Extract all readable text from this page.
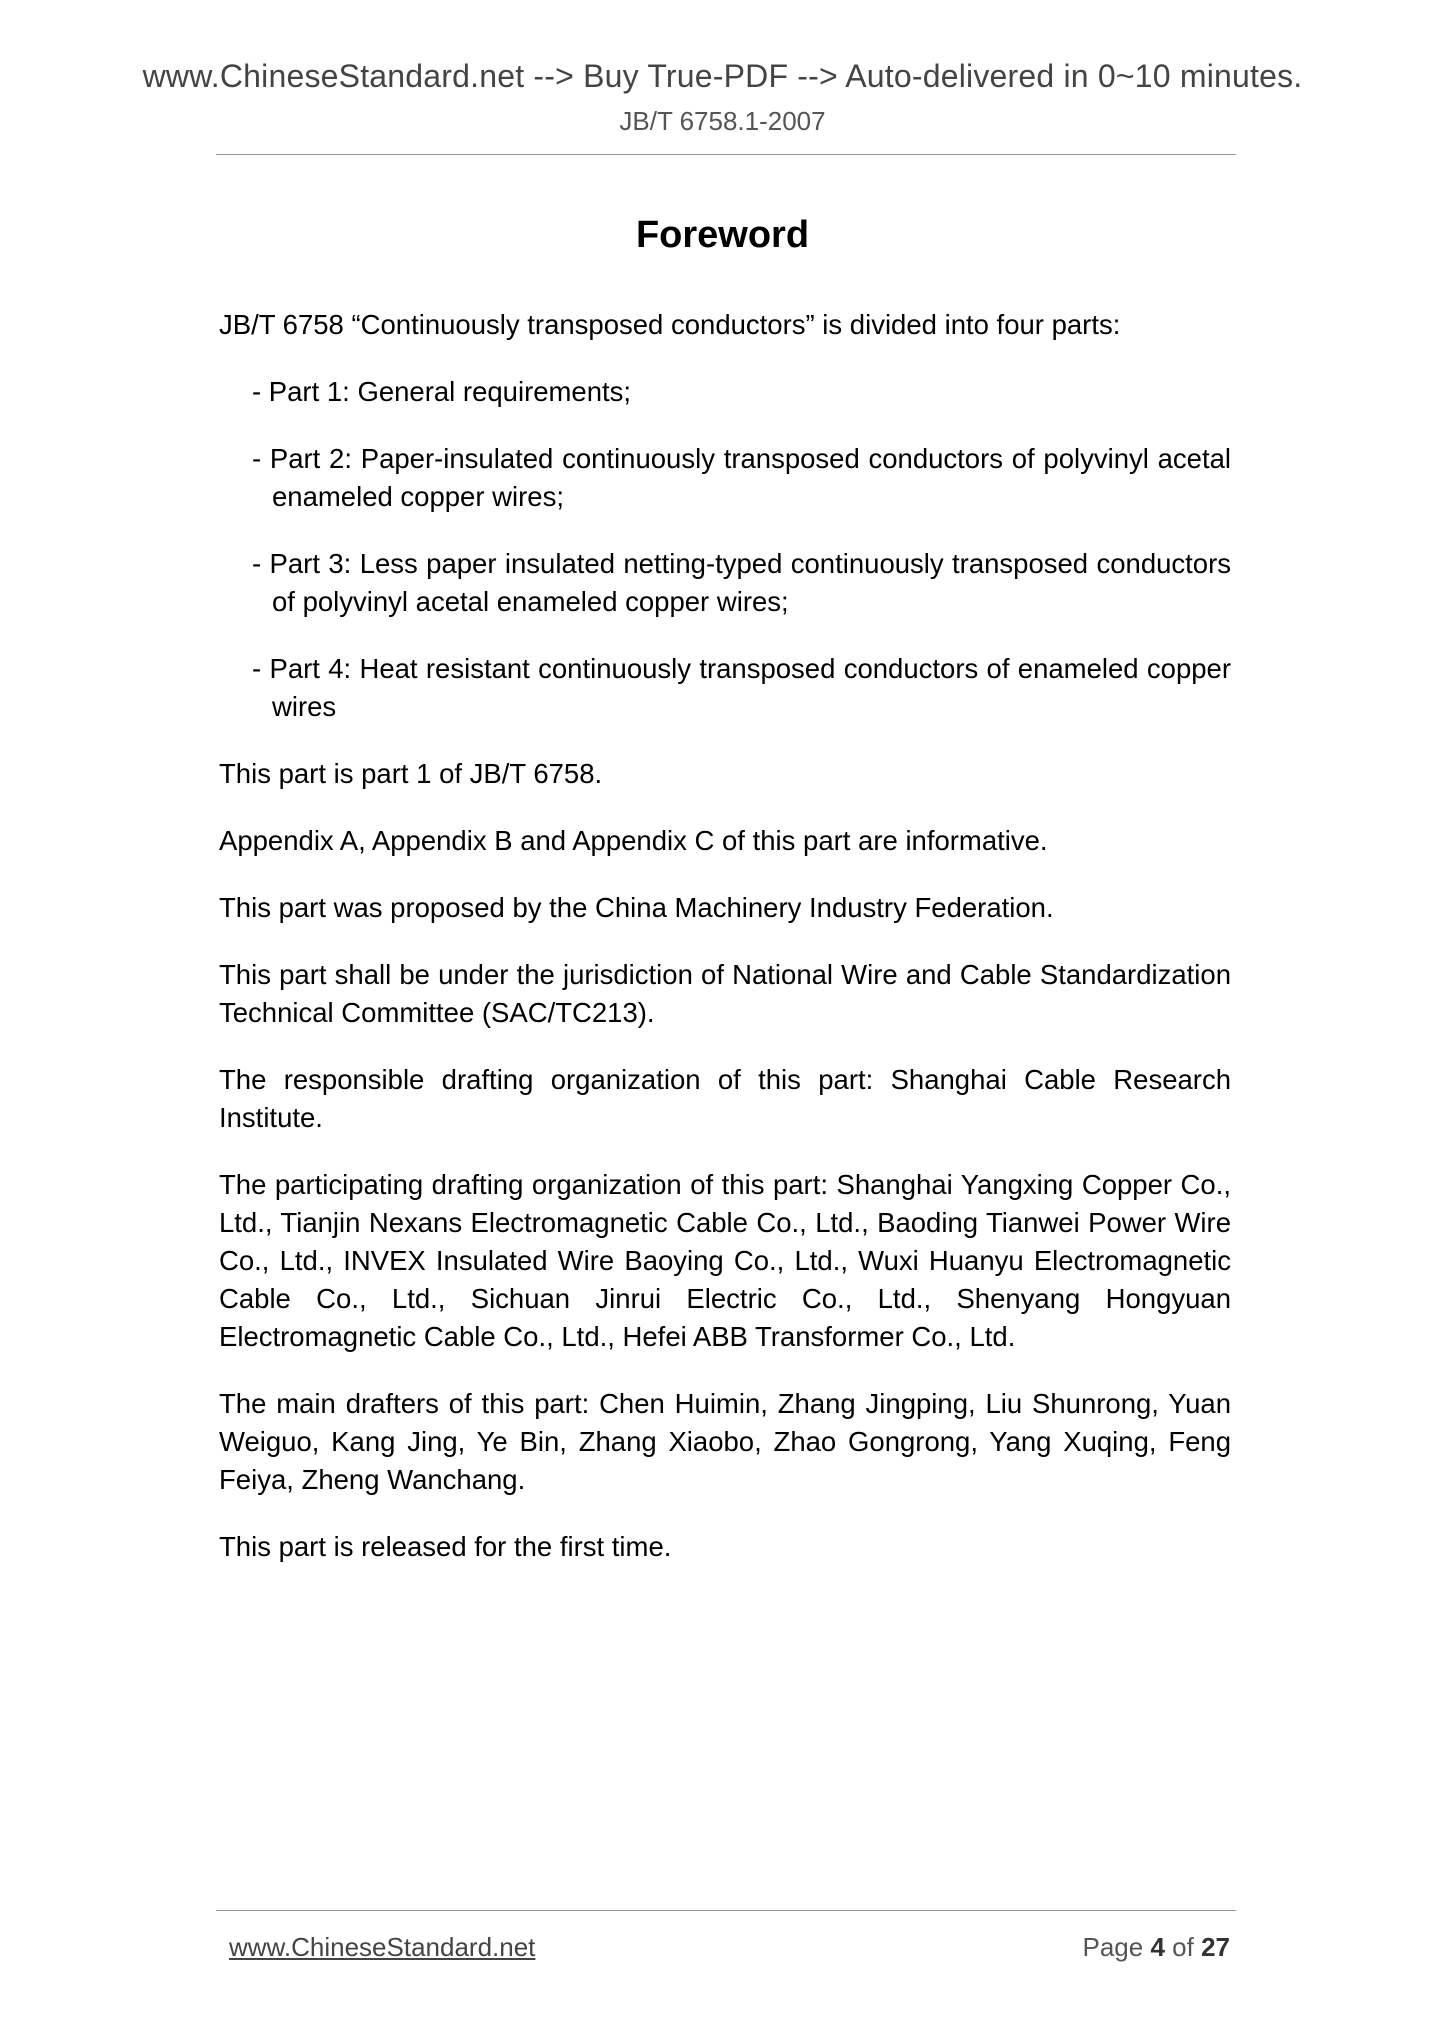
www.ChineseStandard.net --> Buy True-PDF --> Auto-delivered in 0~10 minutes.
JB/T 6758.1-2007
Foreword

JB/T 6758 “Continuously transposed conductors” is divided into four parts:

- Part 1: General requirements;
- Part 2: Paper-insulated continuously transposed conductors of polyvinyl acetal enameled copper wires;
- Part 3: Less paper insulated netting-typed continuously transposed conductors of polyvinyl acetal enameled copper wires;
- Part 4: Heat resistant continuously transposed conductors of enameled copper wires

This part is part 1 of JB/T 6758.

Appendix A, Appendix B and Appendix C of this part are informative.

This part was proposed by the China Machinery Industry Federation.

This part shall be under the jurisdiction of National Wire and Cable Standardization Technical Committee (SAC/TC213).

The responsible drafting organization of this part: Shanghai Cable Research Institute.

The participating drafting organization of this part: Shanghai Yangxing Copper Co., Ltd., Tianjin Nexans Electromagnetic Cable Co., Ltd., Baoding Tianwei Power Wire Co., Ltd., INVEX Insulated Wire Baoying Co., Ltd., Wuxi Huanyu Electromagnetic Cable Co., Ltd., Sichuan Jinrui Electric Co., Ltd., Shenyang Hongyuan Electromagnetic Cable Co., Ltd., Hefei ABB Transformer Co., Ltd.

The main drafters of this part: Chen Huimin, Zhang Jingping, Liu Shunrong, Yuan Weiguo, Kang Jing, Ye Bin, Zhang Xiaobo, Zhao Gongrong, Yang Xuqing, Feng Feiya, Zheng Wanchang.

This part is released for the first time.

www.ChineseStandard.net	Page 4 of 27
